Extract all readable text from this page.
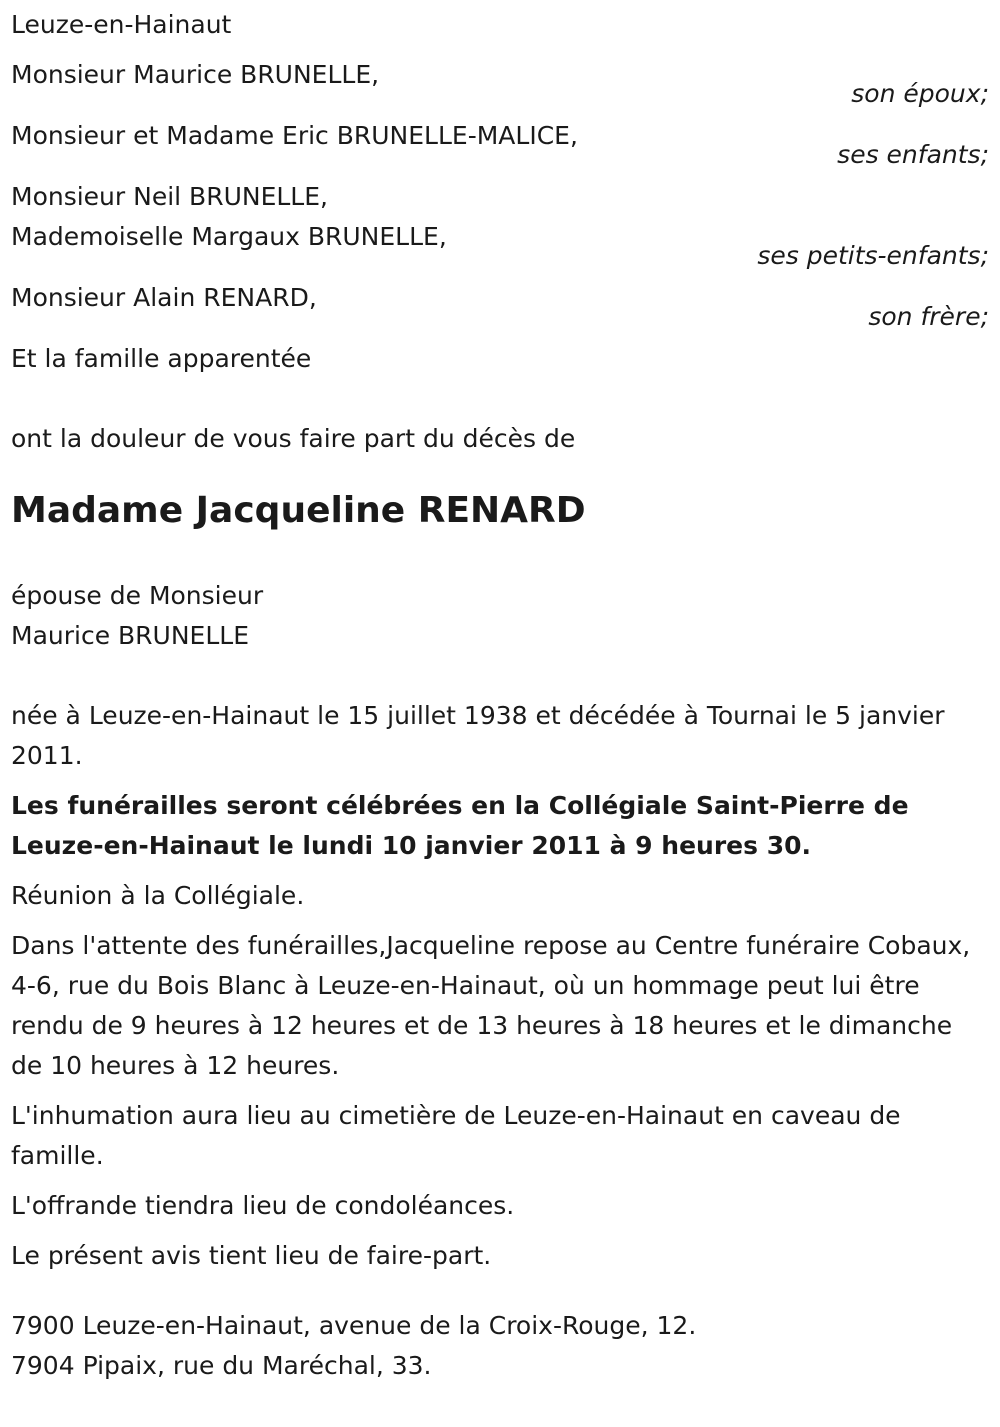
Leuze-en-Hainaut
Monsieur Maurice BRUNELLE,
son époux;
Monsieur et Madame Eric BRUNELLE-MALICE,
ses enfants;
Monsieur Neil BRUNELLE,
Mademoiselle Margaux BRUNELLE,
ses petits-enfants;
Monsieur Alain RENARD,
son frère;
Et la famille apparentée
ont la douleur de vous faire part du décès de
Madame Jacqueline RENARD
épouse de Monsieur
Maurice BRUNELLE
née à Leuze-en-Hainaut le 15 juillet 1938 et décédée à Tournai le 5 janvier 2011.
Les funérailles seront célébrées en la Collégiale Saint-Pierre de Leuze-en-Hainaut le lundi 10 janvier 2011 à 9 heures 30.
Réunion à la Collégiale.
Dans l'attente des funérailles,Jacqueline repose au Centre funéraire Cobaux, 4-6, rue du Bois Blanc à Leuze-en-Hainaut, où un hommage peut lui être rendu de 9 heures à 12 heures et de 13 heures à 18 heures et le dimanche de 10 heures à 12 heures.
L'inhumation aura lieu au cimetière de Leuze-en-Hainaut en caveau de famille.
L'offrande tiendra lieu de condoléances.
Le présent avis tient lieu de faire-part.
7900 Leuze-en-Hainaut, avenue de la Croix-Rouge, 12.
7904 Pipaix, rue du Maréchal, 33.
